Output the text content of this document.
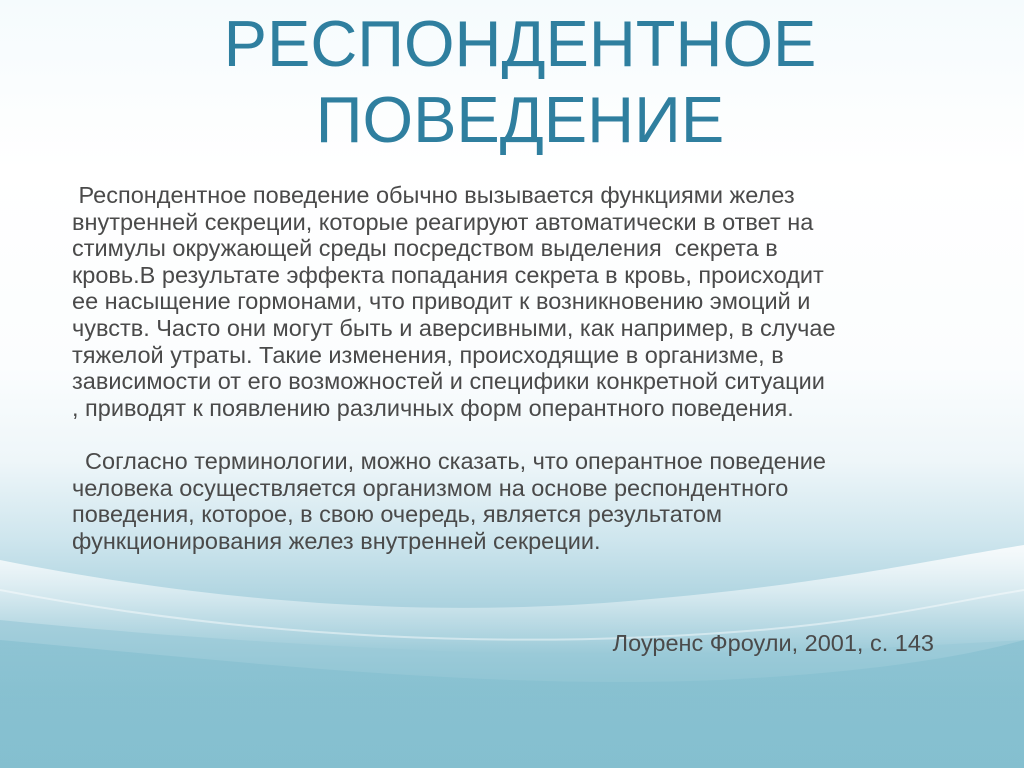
РЕСПОНДЕНТНОЕ
ПОВЕДЕНИЕ

Респондентное поведение обычно вызывается функциями желез
внутренней секреции, которые реагируют автоматически в ответ на
стимулы окружающей среды посредством выделения  секрета в
кровь.В результате эффекта попадания секрета в кровь, происходит
ее насыщение гормонами, что приводит к возникновению эмоций и
чувств. Часто они могут быть и аверсивными, как например, в случае
тяжелой утраты. Такие изменения, происходящие в организме, в
зависимости от его возможностей и специфики конкретной ситуации
, приводят к появлению различных форм оперантного поведения.

Согласно терминологии, можно сказать, что оперантное поведение
человека осуществляется организмом на основе респондентного
поведения, которое, в свою очередь, является результатом
функционирования желез внутренней секреции.

Лоуренс Фроули, 2001, с. 143
